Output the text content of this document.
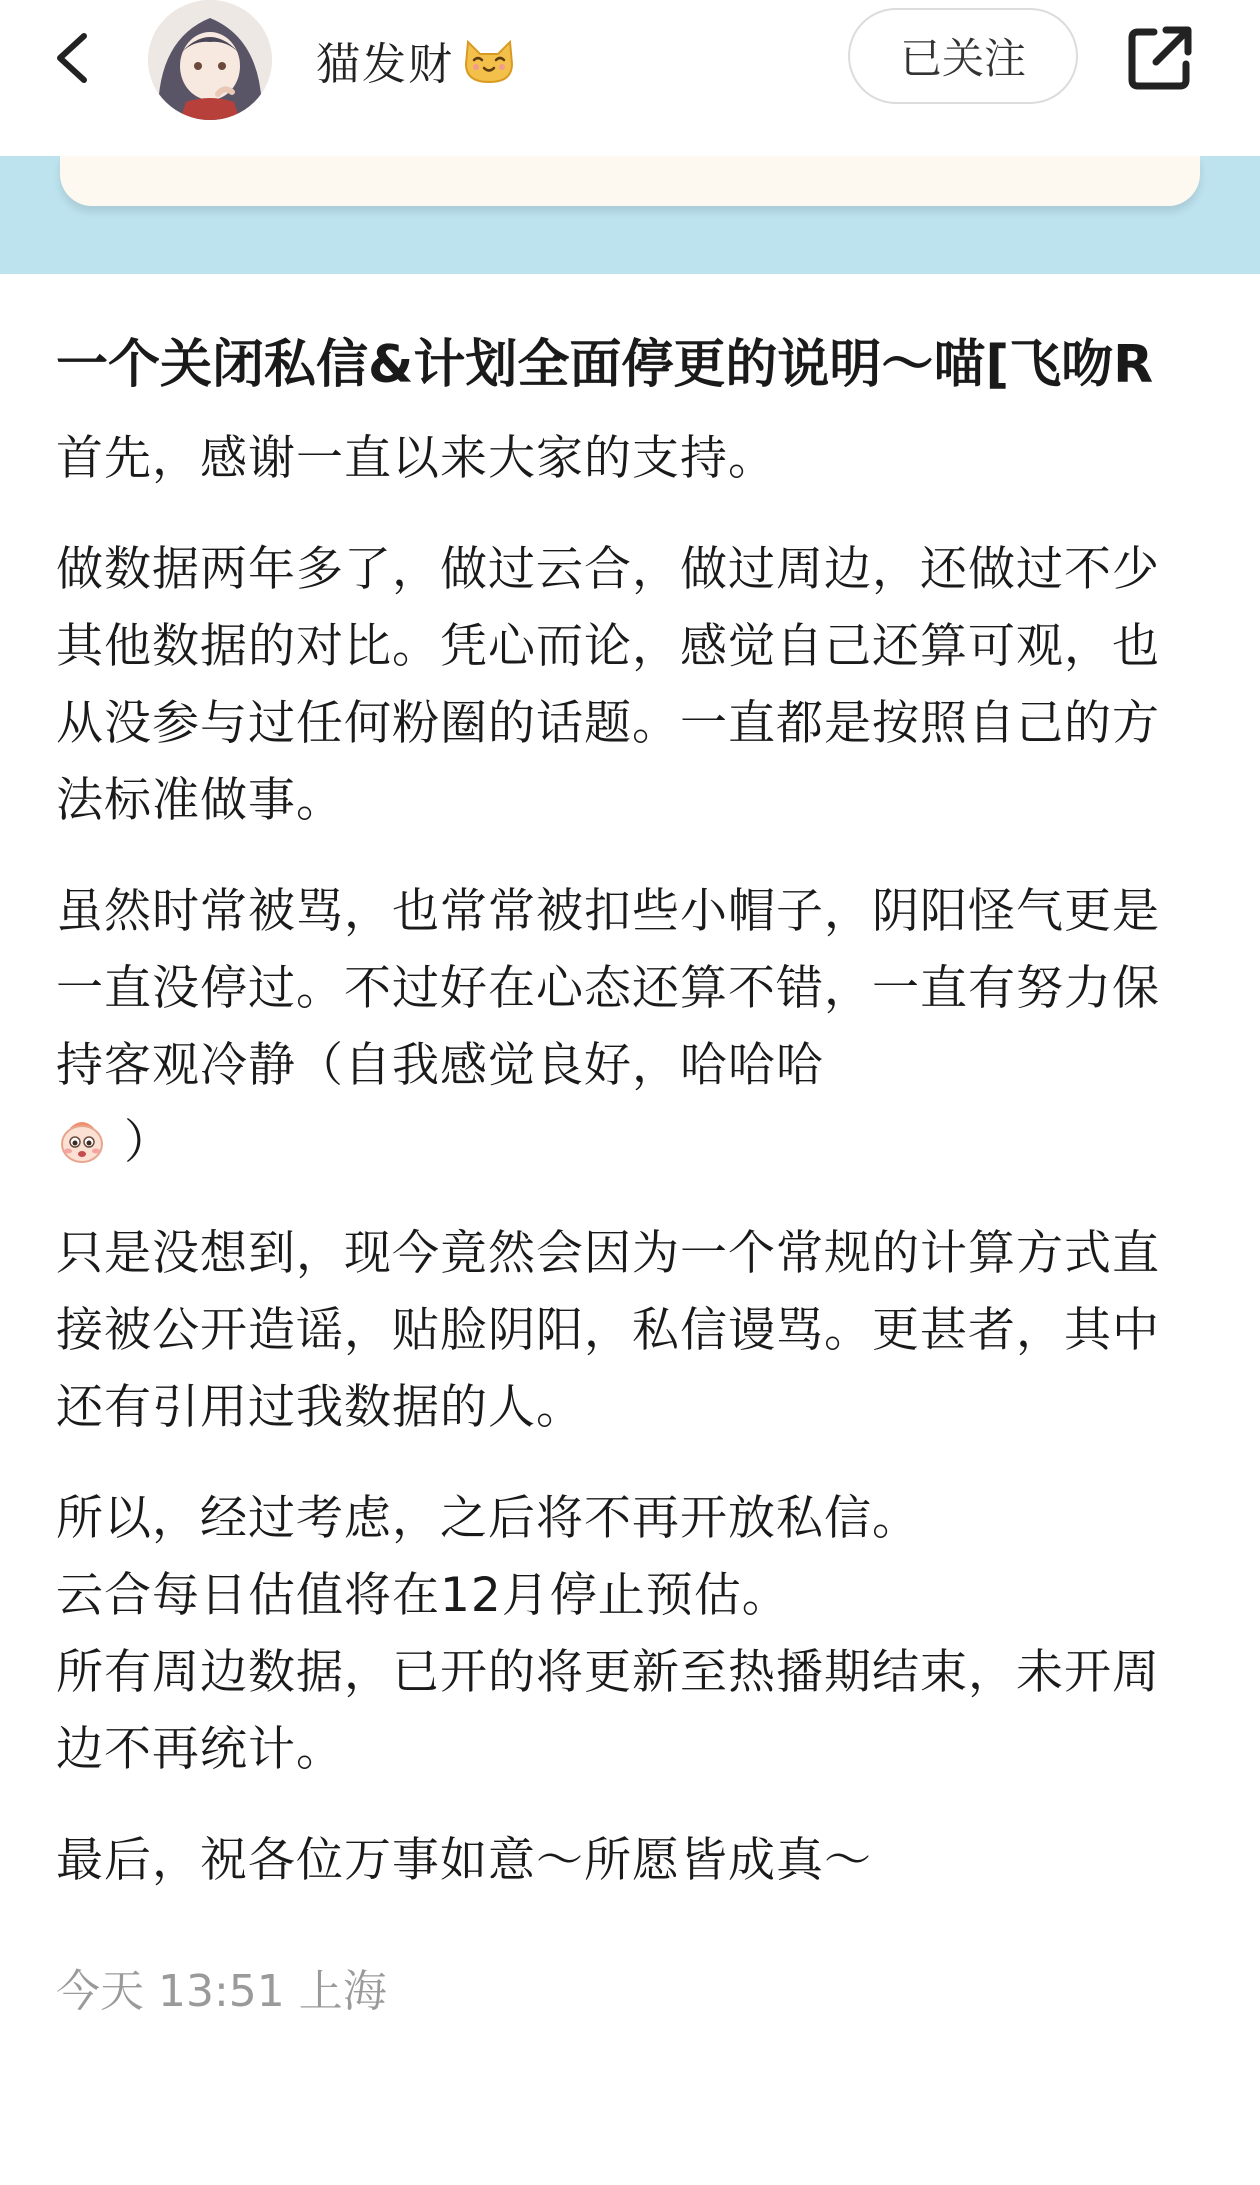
猫发财	已关注
一个关闭私信&计划全面停更的说明～喵[飞吻R

首先，感谢一直以来大家的支持。

做数据两年多了，做过云合，做过周边，还做过不少其他数据的对比。凭心而论，感觉自己还算可观，也从没参与过任何粉圈的话题。一直都是按照自己的方法标准做事。

虽然时常被骂，也常常被扣些小帽子，阴阳怪气更是一直没停过。不过好在心态还算不错，一直有努力保持客观冷静（自我感觉良好，哈哈哈
）

只是没想到，现今竟然会因为一个常规的计算方式直接被公开造谣，贴脸阴阳，私信谩骂。更甚者，其中还有引用过我数据的人。

所以，经过考虑，之后将不再开放私信。
云合每日估值将在12月停止预估。
所有周边数据，已开的将更新至热播期结束，未开周边不再统计。

最后，祝各位万事如意～所愿皆成真～

今天 13:51 上海
